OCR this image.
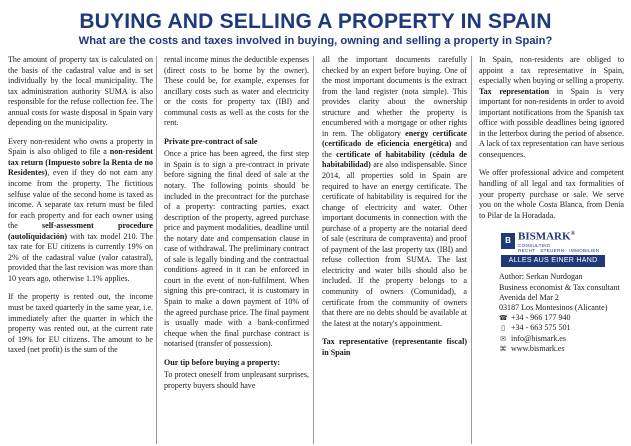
BUYING AND SELLING A PROPERTY IN SPAIN
What are the costs and taxes involved in buying, owning and selling a property in Spain?

The amount of property tax is calculated on the basis of the cadastral value and is set individually by the local municipality. The tax administration authority SUMA is also responsible for the refuse collection fee. The annual costs for waste disposal in Spain vary depending on the municipality.

Every non-resident who owns a property in Spain is also obliged to file a non-resident tax return (Impuesto sobre la Renta de no Residentes), even if they do not earn any income from the property. The fictitious selfuse value of the second home is taxed as income. A separate tax return must be filed for each property and for each owner using the	self-assessment procedure (autoliquidación) with tax model 210. The tax rate for EU citizens is currently 19% on 2% of the cadastral value (valor catastral), provided that the last revision was more than 10 years ago, otherwise 1.1% applies.

If the property is rented out, the income must be taxed quarterly in the same year, i.e. immediately after the quarter in which the property was rented out, at the current rate of 19% for EU citizens. The amount to be taxed (net profit) is the sum of the

rental income minus the deductible expenses (direct costs to be borne by the owner). These could be, for example, expenses for ancillary costs such as water and electricity or the costs for property tax (IBI) and communal costs as well as the costs for the rent.

Private pre-contract of sale

Once a price has been agreed, the first step in Spain is to sign a pre-contract in private before signing the final deed of sale at the notary. The following points should be included in the precontract for the purchase of a property: contracting parties, exact description of the property, agreed purchase price and payment modalities, deadline until the notary date and compensation clause in case of withdrawal. The preliminary contract of sale is legally binding and the contractual conditions agreed in it can be enforced in court in the event of non-fulfilment. When signing this pre-contract, it is customary in Spain to make a down payment of 10% of the agreed purchase price. The final payment is usually made with a bank-confirmed cheque when the final purchase contract is notarised (transfer of possession).

Our tip before buying a property:

To protect oneself from unpleasant surprises, property buyers should have

all the important documents carefully checked by an expert before buying. One of the most important documents is the extract from the land register (nota simple). This provides clarity about the ownership structure and whether the property is encumbered with a mortgage or other rights in rem. The obligatory energy certificate (certificado de eficiencia energética) and the certificate of habitability (cédula de habitabilidad) are also indispensable. Since 2014, all properties sold in Spain are required to have an energy certificate. The certificate of habitability is required for the change of electricity and water. Other important documents in connection with the purchase of a property are the notarial deed of sale (escritura de compraventa) and proof of payment of the last property tax (IBI) and refuse collection from SUMA. The last electricity and water bills should also be included. If the property belongs to a community of owners (Comunidad), a certificate from the community of owners that there are no debts should be available at the latest at the notary's appointment.

Tax representative (representante fiscal) in Spain

In Spain, non-residents are obliged to appoint a tax representative in Spain, especially when buying or selling a property. Tax representation in Spain is very important for non-residents in order to avoid important notifications from the Spanish tax office with possible deadlines being ignored in the letterbox during the period of absence. A lack of tax representation can have serious consequences.

We offer professional advice and competent handling of all legal and tax formalities of your property purchase or sale. We serve you on the whole Costa Blanca, from Denia to Pilar de la Horadada.

B BISMARK®
CONSULTING
RECHT · STEUERN · IMMOBILIEN
ALLES AUS EINER HAND
Author: Serkan Nurdogan
Business economist & Tax consultant
Avenida del Mar 2
03187 Los Montesinos (Alicante)
☎ +34 - 966 177 940
▯ +34 - 663 575 501
✉ info@bismark.es
⌘ www.bismark.es
